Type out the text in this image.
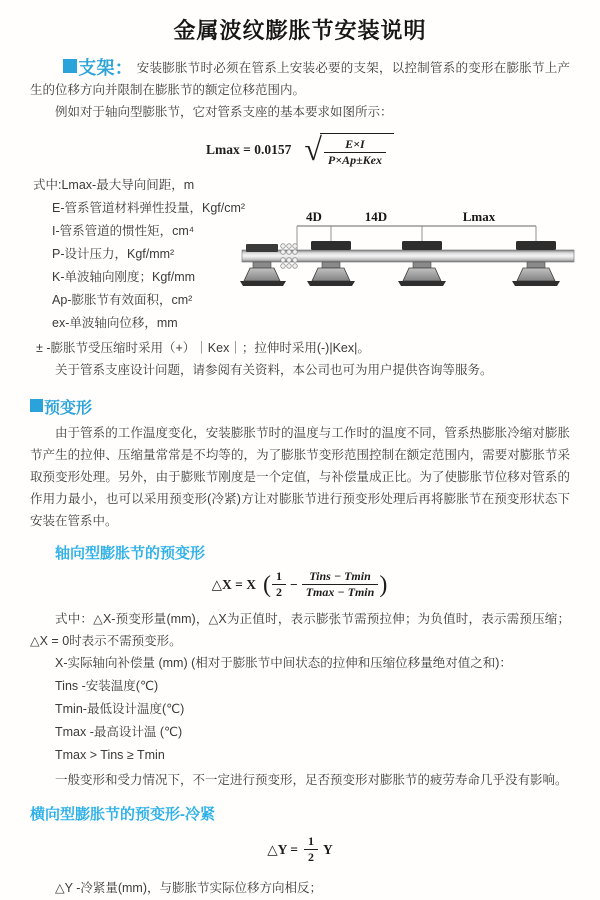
金属波纹膨胀节安装说明

支架： 安装膨胀节时必须在管系上安装必要的支架，以控制管系的变形在膨胀节上产生的位移方向并限制在膨胀节的额定位移范围内。

例如对于轴向型膨胀节，它对管系支座的基本要求如图所示：

Lmax = 0.0157 √ $\frac{E\times I}{\text{P×Ap±Kex}}$
式中:Lmax-最大导向间距，m
E-管系管道材料弹性投量，Kgf/cm²
I-管系管道的惯性矩，cm⁴
P-设计压力，Kgf/mm²
K-单波轴向刚度；Kgf/mm
Ap-膨胀节有效面积，cm²
ex-单波轴向位移，mm
4D	14D	Lmax

± -膨胀节受压缩时采用（+）｜Kex｜；拉伸时采用(-)|Kex|。

关于管系支座设计问题，请参阅有关资料，本公司也可为用户提供咨询等服务。

预变形

由于管系的工作温度变化，安装膨胀节时的温度与工作时的温度不同，管系热膨胀冷缩对膨胀节产生的拉伸、压缩量常常是不均等的，为了膨胀节变形范围控制在额定范围内，需要对膨胀节采取预变形处理。另外，由于膨账节刚度是一个定值，与补偿量成正比。为了使膨胀节位移对管系的作用力最小，也可以采用预变形(冷紧)方让对膨胀节进行预变形处理后再将膨胀节在预变形状态下安装在管系中。

轴向型膨胀节的预变形
△X = X ( $\frac{1}{2} - \frac{\text{Tins − Tmin}}{Tmax - Tmin}$ )

式中：△X-预变形量(mm)，△X为正值时，表示膨张节需预拉伸；为负值时，表示需预压缩；△X = 0时表示不需预变形。

X-实际轴向补偿量 (mm) (相对于膨胀节中间状态的拉伸和压缩位移量绝对值之和)：
Tins -安装温度(℃)
Tmin-最低设计温度(℃)
Tmax -最高设计温 (℃)
Tmax > Tins ≥ Tmin
一般变形和受力情况下，不一定进行预变形，足否预变形对膨胀节的疲劳寿命几乎没有影响。
横向型膨胀节的预变形-冷紧
△Y = $\frac{1}{2}$ Y
△Y -冷紧量(mm)，与膨胀节实际位移方向相反；
